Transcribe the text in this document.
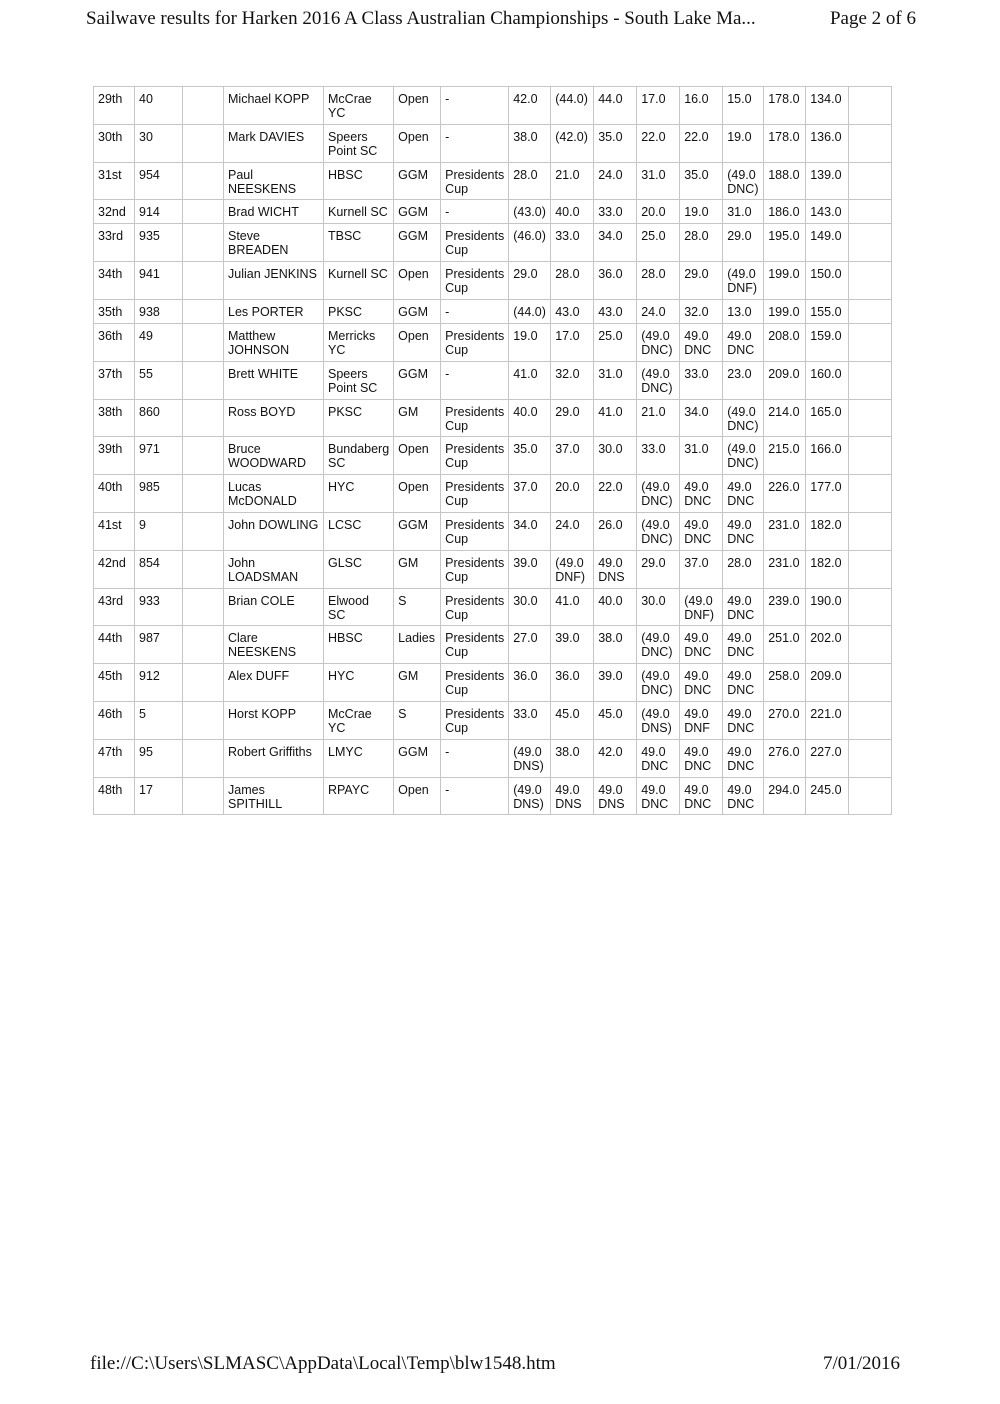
Sailwave results for Harken 2016 A Class Australian Championships - South Lake Ma...	Page 2 of 6
29th	40		Michael KOPP	McCrae YC	Open	-	42.0	(44.0)	44.0	17.0	16.0	15.0	178.0	134.0	
30th	30		Mark DAVIES	Speers Point SC	Open	-	38.0	(42.0)	35.0	22.0	22.0	19.0	178.0	136.0	
31st	954		Paul NEESKENS	HBSC	GGM	Presidents Cup	28.0	21.0	24.0	31.0	35.0	(49.0 DNC)	188.0	139.0	
32nd	914		Brad WICHT	Kurnell SC	GGM	-	(43.0)	40.0	33.0	20.0	19.0	31.0	186.0	143.0	
33rd	935		Steve BREADEN	TBSC	GGM	Presidents Cup	(46.0)	33.0	34.0	25.0	28.0	29.0	195.0	149.0	
34th	941		Julian JENKINS	Kurnell SC	Open	Presidents Cup	29.0	28.0	36.0	28.0	29.0	(49.0 DNF)	199.0	150.0	
35th	938		Les PORTER	PKSC	GGM	-	(44.0)	43.0	43.0	24.0	32.0	13.0	199.0	155.0	
36th	49		Matthew JOHNSON	Merricks YC	Open	Presidents Cup	19.0	17.0	25.0	(49.0 DNC)	49.0 DNC	49.0 DNC	208.0	159.0	
37th	55		Brett WHITE	Speers Point SC	GGM	-	41.0	32.0	31.0	(49.0 DNC)	33.0	23.0	209.0	160.0	
38th	860		Ross BOYD	PKSC	GM	Presidents Cup	40.0	29.0	41.0	21.0	34.0	(49.0 DNC)	214.0	165.0	
39th	971		Bruce WOODWARD	Bundaberg SC	Open	Presidents Cup	35.0	37.0	30.0	33.0	31.0	(49.0 DNC)	215.0	166.0	
40th	985		Lucas McDONALD	HYC	Open	Presidents Cup	37.0	20.0	22.0	(49.0 DNC)	49.0 DNC	49.0 DNC	226.0	177.0	
41st	9		John DOWLING	LCSC	GGM	Presidents Cup	34.0	24.0	26.0	(49.0 DNC)	49.0 DNC	49.0 DNC	231.0	182.0	
42nd	854		John LOADSMAN	GLSC	GM	Presidents Cup	39.0	(49.0 DNF)	49.0 DNS	29.0	37.0	28.0	231.0	182.0	
43rd	933		Brian COLE	Elwood SC	S	Presidents Cup	30.0	41.0	40.0	30.0	(49.0 DNF)	49.0 DNC	239.0	190.0	
44th	987		Clare NEESKENS	HBSC	Ladies	Presidents Cup	27.0	39.0	38.0	(49.0 DNC)	49.0 DNC	49.0 DNC	251.0	202.0	
45th	912		Alex DUFF	HYC	GM	Presidents Cup	36.0	36.0	39.0	(49.0 DNC)	49.0 DNC	49.0 DNC	258.0	209.0	
46th	5		Horst KOPP	McCrae YC	S	Presidents Cup	33.0	45.0	45.0	(49.0 DNS)	49.0 DNF	49.0 DNC	270.0	221.0	
47th	95		Robert Griffiths	LMYC	GGM	-	(49.0 DNS)	38.0	42.0	49.0 DNC	49.0 DNC	49.0 DNC	276.0	227.0	
48th	17		James SPITHILL	RPAYC	Open	-	(49.0 DNS)	49.0 DNS	49.0 DNS	49.0 DNC	49.0 DNC	49.0 DNC	294.0	245.0	
file://C:\Users\SLMASC\AppData\Local\Temp\blw1548.htm	7/01/2016
